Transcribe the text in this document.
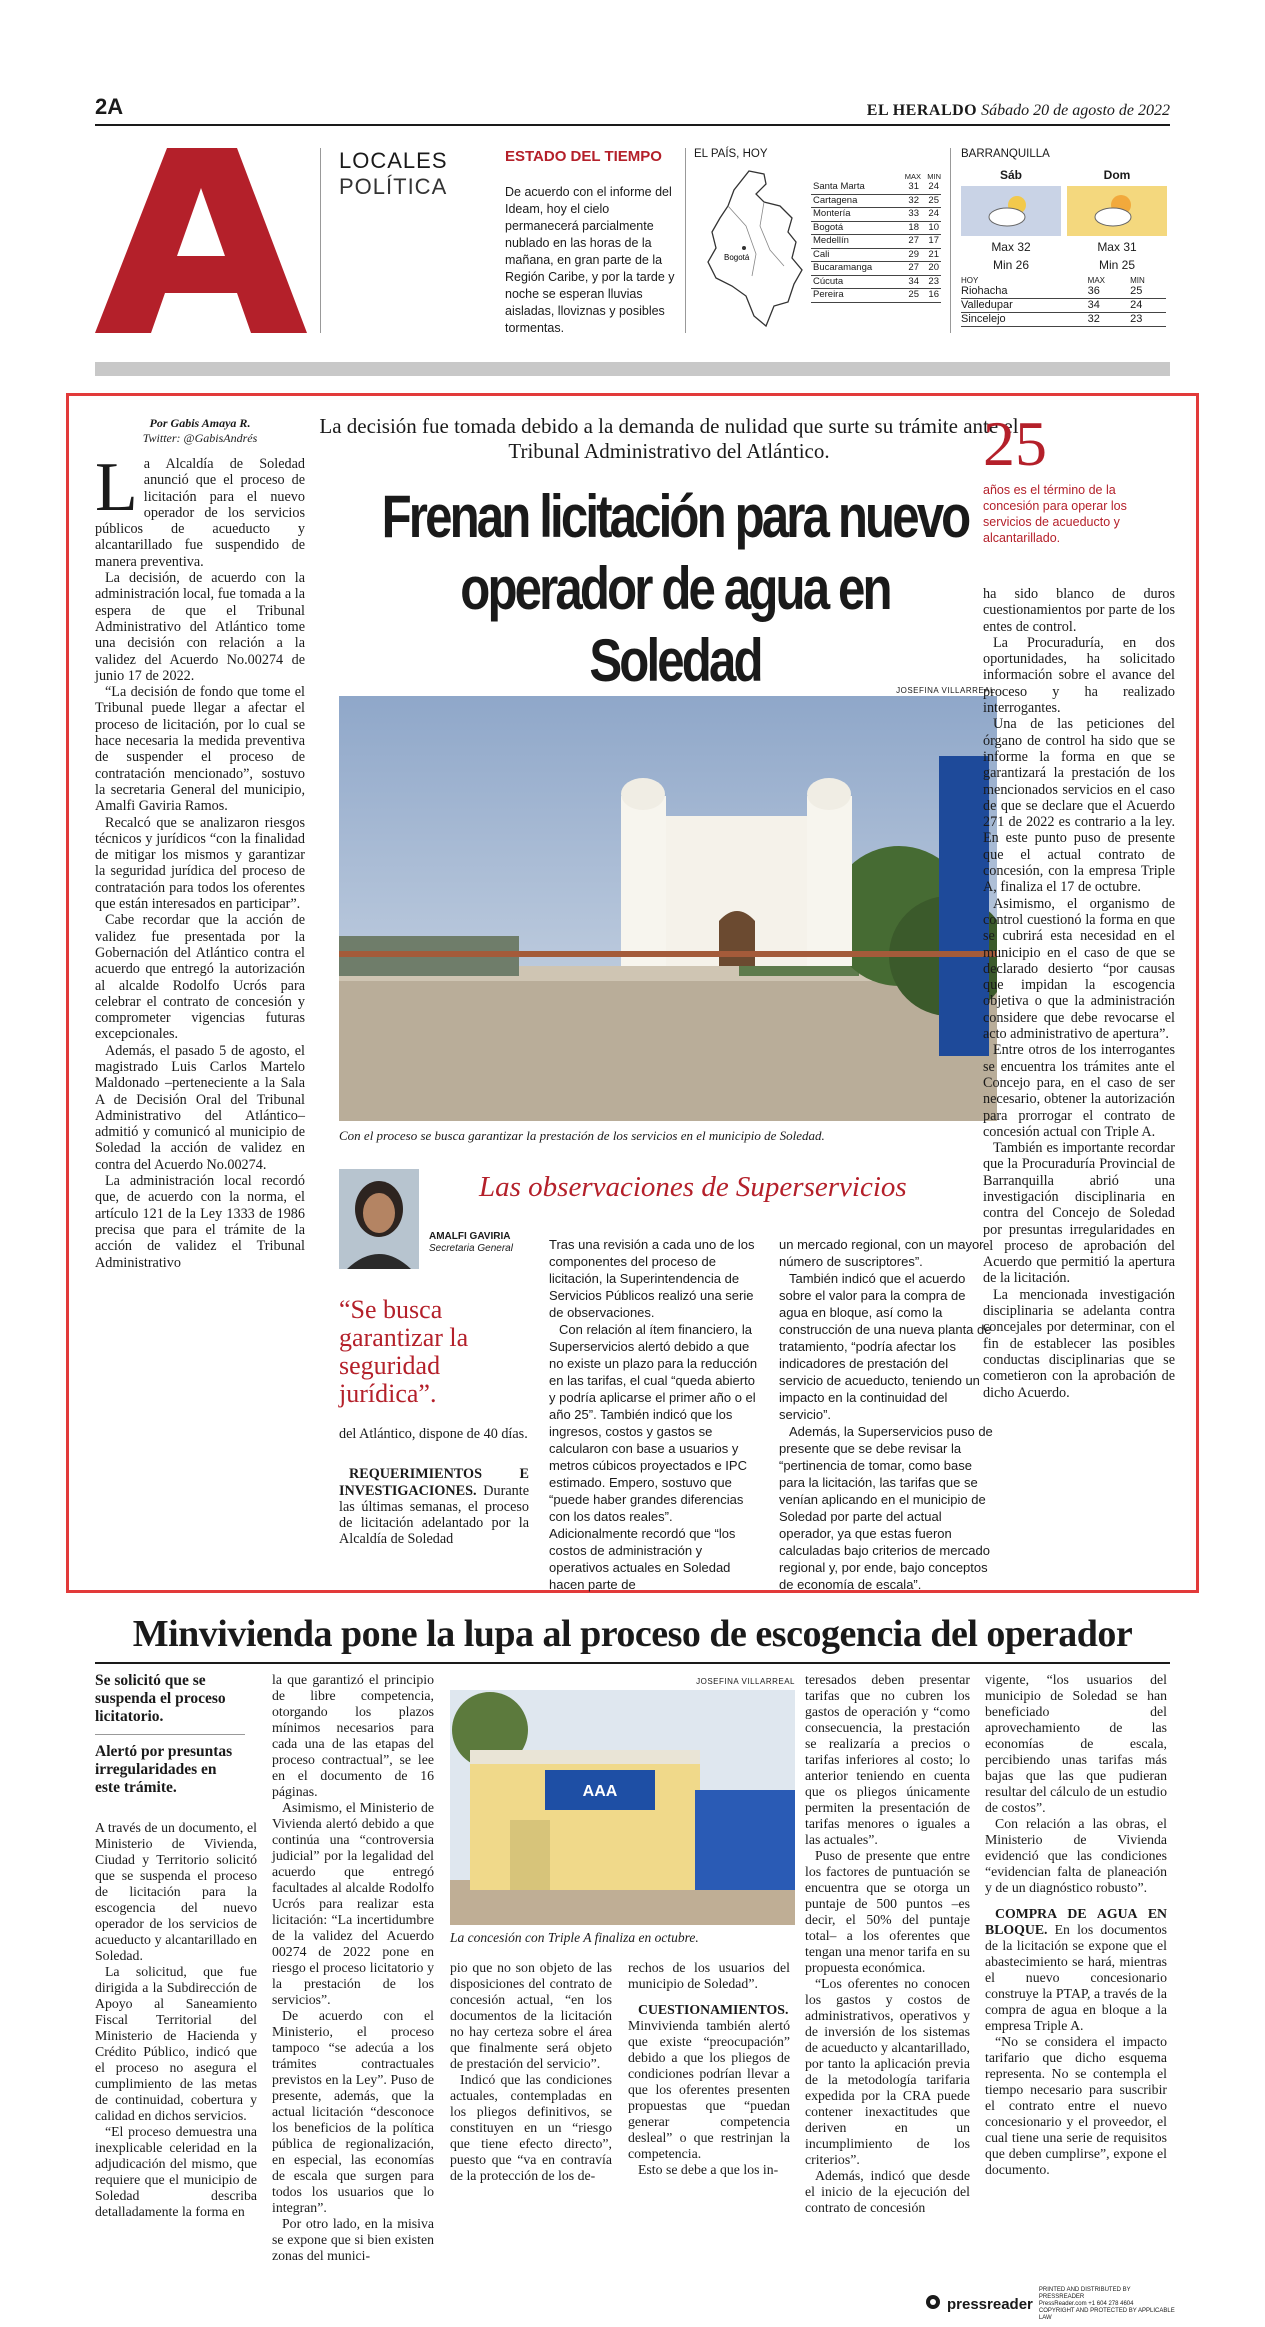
2A	EL HERALDO Sábado 20 de agosto de 2022
LOCALES
POLÍTICA
ESTADO DEL TIEMPO
De acuerdo con el informe del Ideam, hoy el cielo permanecerá parcialmente nublado en las horas de la mañana, en gran parte de la Región Caribe, y por la tarde y noche se esperan lluvias aisladas, lloviznas y posibles tormentas.
EL PAÍS, HOY
Bogotá
	MAX	MIN
Santa Marta	31	24
Cartagena	32	25
Montería	33	24
Bogotá	18	10
Medellín	27	17
Cali	29	21
Bucaramanga	27	20
Cúcuta	34	23
Pereira	25	16
BARRANQUILLA
Sáb
Max 32
Min 26
Dom
Max 31
Min 25
HOY	MAX	MIN
Riohacha	36	25
Valledupar	34	24
Sincelejo	32	23
Por Gabis Amaya R.
Twitter: @GabisAndrés
L a Alcaldía de Soledad anunció que el proceso de licitación para el nuevo operador de los servicios públicos de acueducto y alcantarillado fue suspendido de manera preventiva.

La decisión, de acuerdo con la administración local, fue tomada a la espera de que el Tribunal Administrativo del Atlántico tome una decisión con relación a la validez del Acuerdo No.00274 de junio 17 de 2022.

“La decisión de fondo que tome el Tribunal puede llegar a afectar el proceso de licitación, por lo cual se hace necesaria la medida preventiva de suspender el proceso de contratación mencionado”, sostuvo la secretaria General del municipio, Amalfi Gaviria Ramos.

Recalcó que se analizaron riesgos técnicos y jurídicos “con la finalidad de mitigar los mismos y garantizar la seguridad jurídica del proceso de contratación para todos los oferentes que están interesados en participar”.

Cabe recordar que la acción de validez fue presentada por la Gobernación del Atlántico contra el acuerdo que entregó la autorización al alcalde Rodolfo Ucrós para celebrar el contrato de concesión y comprometer vigencias futuras excepcionales.

Además, el pasado 5 de agosto, el magistrado Luis Carlos Martelo Maldonado –perteneciente a la Sala A de Decisión Oral del Tribunal Administrativo del Atlántico– admitió y comunicó al municipio de Soledad la acción de validez en contra del Acuerdo No.00274.

La administración local recordó que, de acuerdo con la norma, el artículo 121 de la Ley 1333 de 1986 precisa que para el trámite de la acción de validez el Tribunal Administrativo

La decisión fue tomada debido a la demanda de nulidad que surte su trámite ante el Tribunal Administrativo del Atlántico.
Frenan licitación para nuevo operador de agua en Soledad
25
años es el término de la concesión para operar los servicios de acueducto y alcantarillado.
JOSEFINA VILLARREAL
Con el proceso se busca garantizar la prestación de los servicios en el municipio de Soledad.
Las observaciones de Superservicios
AMALFI GAVIRIA
Secretaria General
“Se busca garantizar la seguridad jurídica”.

del Atlántico, dispone de 40 días.

REQUERIMIENTOS E INVESTIGACIONES. Durante las últimas semanas, el proceso de licitación adelantado por la Alcaldía de Soledad

Tras una revisión a cada uno de los componentes del proceso de licitación, la Superintendencia de Servicios Públicos realizó una serie de observaciones.

Con relación al ítem financiero, la Superservicios alertó debido a que no existe un plazo para la reducción en las tarifas, el cual “queda abierto y podría aplicarse el primer año o el año 25”. También indicó que los ingresos, costos y gastos se calcularon con base a usuarios y metros cúbicos proyectados e IPC estimado. Empero, sostuvo que “puede haber grandes diferencias con los datos reales”. Adicionalmente recordó que “los costos de administración y operativos actuales en Soledad hacen parte de

un mercado regional, con un mayor número de suscriptores”.

También indicó que el acuerdo sobre el valor para la compra de agua en bloque, así como la construcción de una nueva planta de tratamiento, “podría afectar los indicadores de prestación del servicio de acueducto, teniendo un impacto en la continuidad del servicio”.

Además, la Superservicios puso de presente que se debe revisar la “pertinencia de tomar, como base para la licitación, las tarifas que se venían aplicando en el municipio de Soledad por parte del actual operador, ya que estas fueron calculadas bajo criterios de mercado regional y, por ende, bajo conceptos de economía de escala”.

ha sido blanco de duros cuestionamientos por parte de los entes de control.

La Procuraduría, en dos oportunidades, ha solicitado información sobre el avance del proceso y ha realizado interrogantes.

Una de las peticiones del órgano de control ha sido que se informe la forma en que se garantizará la prestación de los mencionados servicios en el caso de que se declare que el Acuerdo 271 de 2022 es contrario a la ley. En este punto puso de presente que el actual contrato de concesión, con la empresa Triple A, finaliza el 17 de octubre.

Asimismo, el organismo de control cuestionó la forma en que se cubrirá esta necesidad en el municipio en el caso de que se declarado desierto “por causas que impidan la escogencia objetiva o que la administración considere que debe revocarse el acto administrativo de apertura”.

Entre otros de los interrogantes se encuentra los trámites ante el Concejo para, en el caso de ser necesario, obtener la autorización para prorrogar el contrato de concesión actual con Triple A.

También es importante recordar que la Procuraduría Provincial de Barranquilla abrió una investigación disciplinaria en contra del Concejo de Soledad por presuntas irregularidades en el proceso de aprobación del Acuerdo que permitió la apertura de la licitación.

La mencionada investigación disciplinaria se adelanta contra concejales por determinar, con el fin de establecer las posibles conductas disciplinarias que se cometieron con la aprobación de dicho Acuerdo.

Minvivienda pone la lupa al proceso de escogencia del operador
Se solicitó que se suspenda el proceso licitatorio.
Alertó por presuntas irregularidades en este trámite.

A través de un documento, el Ministerio de Vivienda, Ciudad y Territorio solicitó que se suspenda el proceso de licitación para la escogencia del nuevo operador de los servicios de acueducto y alcantarillado en Soledad.

La solicitud, que fue dirigida a la Subdirección de Apoyo al Saneamiento Fiscal Territorial del Ministerio de Hacienda y Crédito Público, indicó que el proceso no asegura el cumplimiento de las metas de continuidad, cobertura y calidad en dichos servicios.

“El proceso demuestra una inexplicable celeridad en la adjudicación del mismo, que requiere que el municipio de Soledad describa detalladamente la forma en

la que garantizó el principio de libre competencia, otorgando los plazos mínimos necesarios para cada una de las etapas del proceso contractual”, se lee en el documento de 16 páginas.

Asimismo, el Ministerio de Vivienda alertó debido a que continúa una “controversia judicial” por la legalidad del acuerdo que entregó facultades al alcalde Rodolfo Ucrós para realizar esta licitación: “La incertidumbre de la validez del Acuerdo 00274 de 2022 pone en riesgo el proceso licitatorio y la prestación de los servicios”.

De acuerdo con el Ministerio, el proceso tampoco “se adecúa a los trámites contractuales previstos en la Ley”. Puso de presente, además, que la actual licitación “desconoce los beneficios de la política pública de regionalización, en especial, las economías de escala que surgen para todos los usuarios que lo integran”.

Por otro lado, en la misiva se expone que si bien existen zonas del munici-

JOSEFINA VILLARREAL
AAA
La concesión con Triple A finaliza en octubre.

pio que no son objeto de las disposiciones del contrato de concesión actual, “en los documentos de la licitación no hay certeza sobre el área que finalmente será objeto de prestación del servicio”.

Indicó que las condiciones actuales, contempladas en los pliegos definitivos, se constituyen en un “riesgo que tiene efecto directo”, puesto que “va en contravía de la protección de los de-

rechos de los usuarios del municipio de Soledad”.

CUESTIONAMIENTOS. Minvivienda también alertó que existe “preocupación” debido a que los pliegos de condiciones podrían llevar a que los oferentes presenten propuestas que “puedan generar competencia desleal” o que restrinjan la competencia.

Esto se debe a que los in-

teresados deben presentar tarifas que no cubren los gastos de operación y “como consecuencia, la prestación se realizaría a precios o tarifas inferiores al costo; lo anterior teniendo en cuenta que os pliegos únicamente permiten la presentación de tarifas menores o iguales a las actuales”.

Puso de presente que entre los factores de puntuación se encuentra que se otorga un puntaje de 500 puntos –es decir, el 50% del puntaje total– a los oferentes que tengan una menor tarifa en su propuesta económica.

“Los oferentes no conocen los gastos y costos de administrativos, operativos y de inversión de los sistemas de acueducto y alcantarillado, por tanto la aplicación previa de la metodología tarifaria expedida por la CRA puede contener inexactitudes que deriven en un incumplimiento de los criterios”.

Además, indicó que desde el inicio de la ejecución del contrato de concesión

vigente, “los usuarios del municipio de Soledad se han beneficiado del aprovechamiento de las economías de escala, percibiendo unas tarifas más bajas que las que pudieran resultar del cálculo de un estudio de costos”.

Con relación a las obras, el Ministerio de Vivienda evidenció que las condiciones “evidencian falta de planeación y de un diagnóstico robusto”.

COMPRA DE AGUA EN BLOQUE. En los documentos de la licitación se expone que el abastecimiento se hará, mientras el nuevo concesionario construye la PTAP, a través de la compra de agua en bloque a la empresa Triple A.

“No se considera el impacto tarifario que dicho esquema representa. No se contempla el tiempo necesario para suscribir el contrato entre el nuevo concesionario y el proveedor, el cual tiene una serie de requisitos que deben cumplirse”, expone el documento.

pressreader
PRINTED AND DISTRIBUTED BY PRESSREADER
PressReader.com +1 604 278 4604
COPYRIGHT AND PROTECTED BY APPLICABLE LAW
